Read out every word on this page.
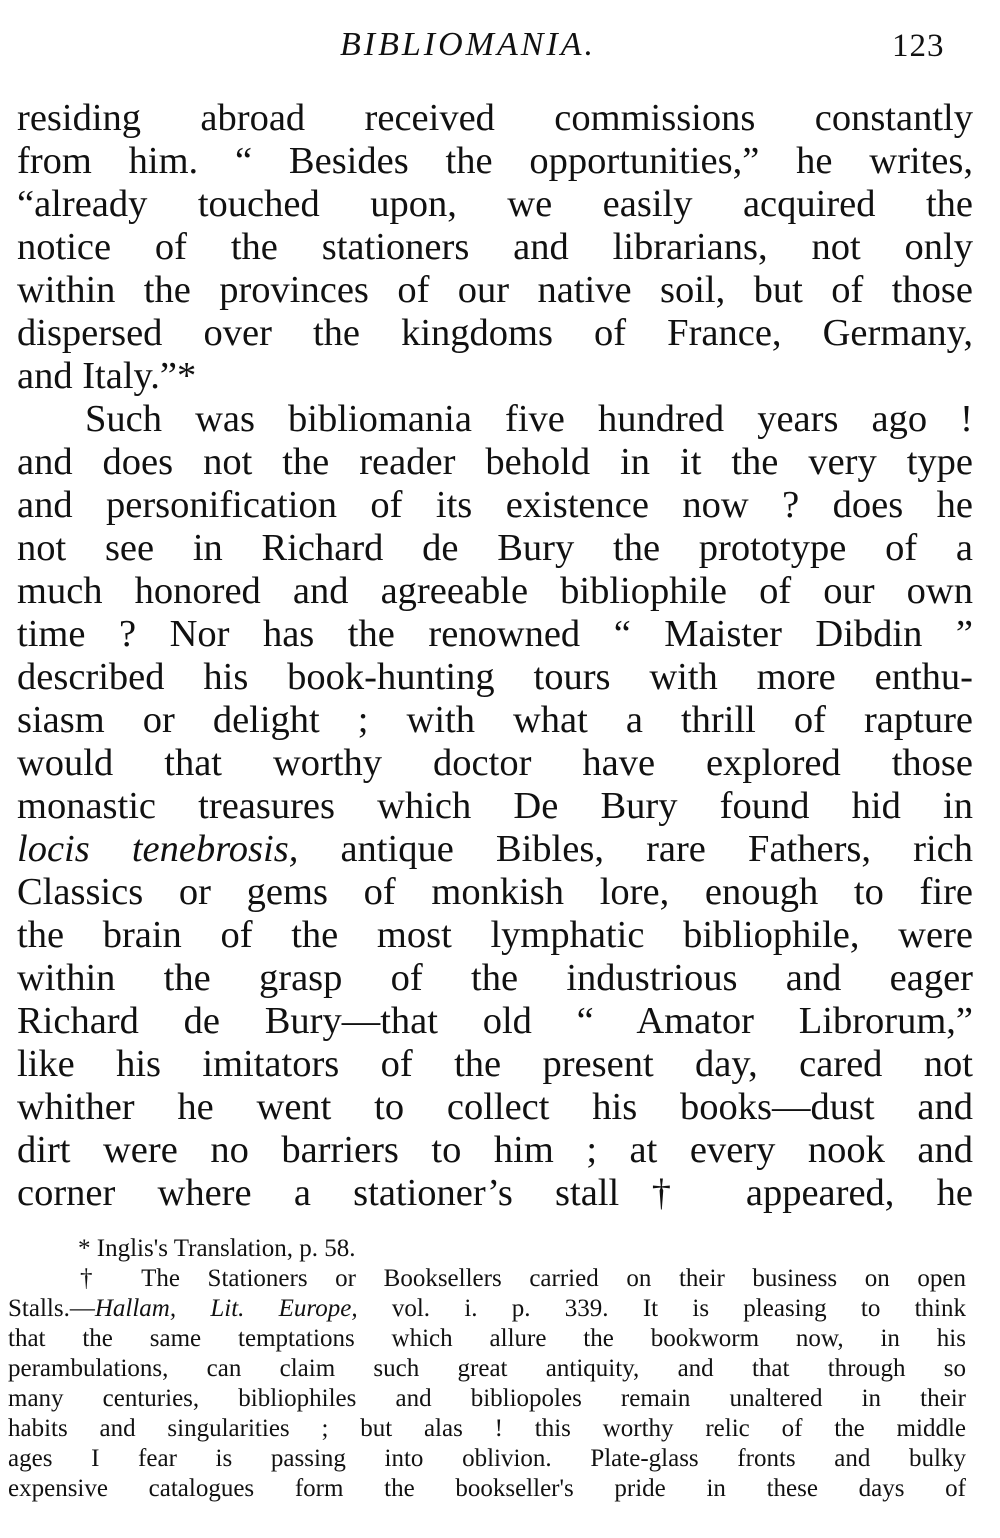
BIBLIOMANIA.	123
residing abroad received commissions constantly
from him. “ Besides the opportunities,” he writes,
“already touched upon, we easily acquired the
notice of the stationers and librarians, not only
within the provinces of our native soil, but of those
dispersed over the kingdoms of France, Germany,
and Italy.”*
Such was bibliomania five hundred years ago !
and does not the reader behold in it the very type
and personification of its existence now ? does he
not see in Richard de Bury the prototype of a
much honored and agreeable bibliophile of our own
time ? Nor has the renowned “ Maister Dibdin ”
described his book-hunting tours with more enthu-
siasm or delight ; with what a thrill of rapture
would that worthy doctor have explored those
monastic treasures which De Bury found hid in
locis tenebrosis, antique Bibles, rare Fathers, rich
Classics or gems of monkish lore, enough to fire
the brain of the most lymphatic bibliophile, were
within the grasp of the industrious and eager
Richard de Bury—that old “ Amator Librorum,”
like his imitators of the present day, cared not
whither he went to collect his books—dust and
dirt were no barriers to him ; at every nook and
corner where a stationer’s stall† appeared, he
* Inglis's Translation, p. 58.
† The Stationers or Booksellers carried on their business on open
Stalls.—Hallam, Lit. Europe, vol. i. p. 339. It is pleasing to think
that the same temptations which allure the bookworm now, in his
perambulations, can claim such great antiquity, and that through so
many centuries, bibliophiles and bibliopoles remain unaltered in their
habits and singularities ; but alas ! this worthy relic of the middle
ages I fear is passing into oblivion. Plate-glass fronts and bulky
expensive catalogues form the bookseller's pride in these days of
